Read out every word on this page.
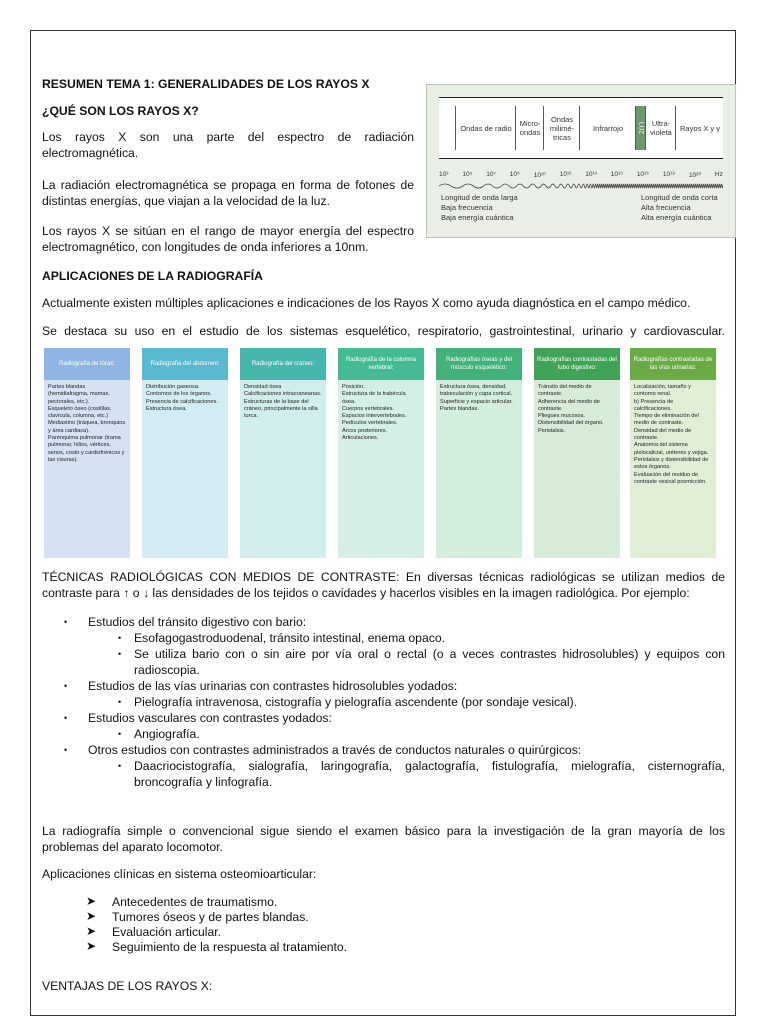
RESUMEN TEMA 1: GENERALIDADES DE LOS RAYOS X
¿QUÉ SON LOS RAYOS X?
Los rayos X son una parte del espectro de radiación electromagnética.
La radiación electromagnética se propaga en forma de fotones de distintas energías, que viajan a la velocidad de la luz.
Los rayos X se sitúan en el rango de mayor energía del espectro electromagnético, con longitudes de onda inferiores a 10nm.
Ondas de radio	Micro-ondas
Ondas milimé-tricas
Infrarrojo	LUZ Ultra-violeta	Rayos X y γ
10³ 10⁵ 10⁷ 10⁹ 10¹⁰ 10¹² 10¹³ 10¹⁵ 10¹⁶ 10¹⁸ 10²⁰ Hz
Longitud de onda larga
Baja frecuencia
Baja energía cuántica
Longitud de onda corta
Alta frecuencia
Alta energía cuántica
APLICACIONES DE LA RADIOGRAFÍA
Actualmente existen múltiples aplicaciones e indicaciones de los Rayos X como ayuda diagnóstica en el campo médico.
Se destaca su uso en el estudio de los sistemas esquelético, respiratorio, gastrointestinal, urinario y cardiovascular.
Radiografía de tórax:
Partes blandas (hemidiafragma, mamas, pectorales, etc.).
Esqueleto óseo (costillas, clavícula, columna, etc.)
Mediastino (tráquea, bronquios y área cardiaca).
Parénquima pulmonar (trama pulmonar, hilios, vértices, senos, costo y cardiofrénicos y las cisuras).
Radiografía del abdomen:
Distribución gaseosa.
Contornos de los órganos.
Presencia de calcificaciones.
Estructura ósea.
Radiografía del cráneo:
Densidad ósea
Calcificaciones intracraneanas.
Estructuras de la base del cráneo, principalmente la silla turca.
Radiografía de la columna vertebral:
Posición.
Estructura de la trabécula ósea.
Cuerpos vertebrales.
Espacios intervertebrales.
Pedículos vertebrales.
Arcos posteriores.
Articulaciones.
Radiografías óseas y del músculo esquelético:
Estructura ósea, densidad, trabeculación y capa cortical.
Superficie y espacio articular.
Partes blandas.
Radiografías contrastadas del tubo digestivo:
Tránsito del medio de contraste.
Adherencia del medio de contraste.
Pliegues mucosos.
Distensibilidad del órgano.
Peristalsis.
Radiografías contrastadas de las vías urinarias:
Localización, tamaño y contorno renal.
b) Presencia de calcificaciones.
Tiempo de eliminación del medio de contraste.
Densidad del medio de contraste.
Anatomía del sistema pielocalicial, uréteres y vejiga.
Peristalsis y distensibilidad de estos órganos.
Evaluación del residuo de contraste vesical posmicción.
TÉCNICAS RADIOLÓGICAS CON MEDIOS DE CONTRASTE: En diversas técnicas radiológicas se utilizan medios de contraste para ↑ o ↓ las densidades de los tejidos o cavidades y hacerlos visibles en la imagen radiológica. Por ejemplo:
• Estudios del tránsito digestivo con bario:
• Esofagogastroduodenal, tránsito intestinal, enema opaco.
• Se utiliza bario con o sin aire por vía oral o rectal (o a veces contrastes hidrosolubles) y equipos con radioscopia.
• Estudios de las vías urinarias con contrastes hidrosolubles yodados:
• Pielografía intravenosa, cistografía y pielografía ascendente (por sondaje vesical).
• Estudios vasculares con contrastes yodados:
• Angiografía.
• Otros estudios con contrastes administrados a través de conductos naturales o quirúrgicos:
• Daacriocistografía, sialografía, laringografía, galactografía, fistulografía, mielografía, cisternografía, broncografía y linfografía.
La radiografía simple o convencional sigue siendo el examen básico para la investigación de la gran mayoría de los problemas del aparato locomotor.
Aplicaciones clínicas en sistema osteomioarticular:
➤ Antecedentes de traumatismo.
➤ Tumores óseos y de partes blandas.
➤ Evaluación articular.
➤ Seguimiento de la respuesta al tratamiento.
VENTAJAS DE LOS RAYOS X:
